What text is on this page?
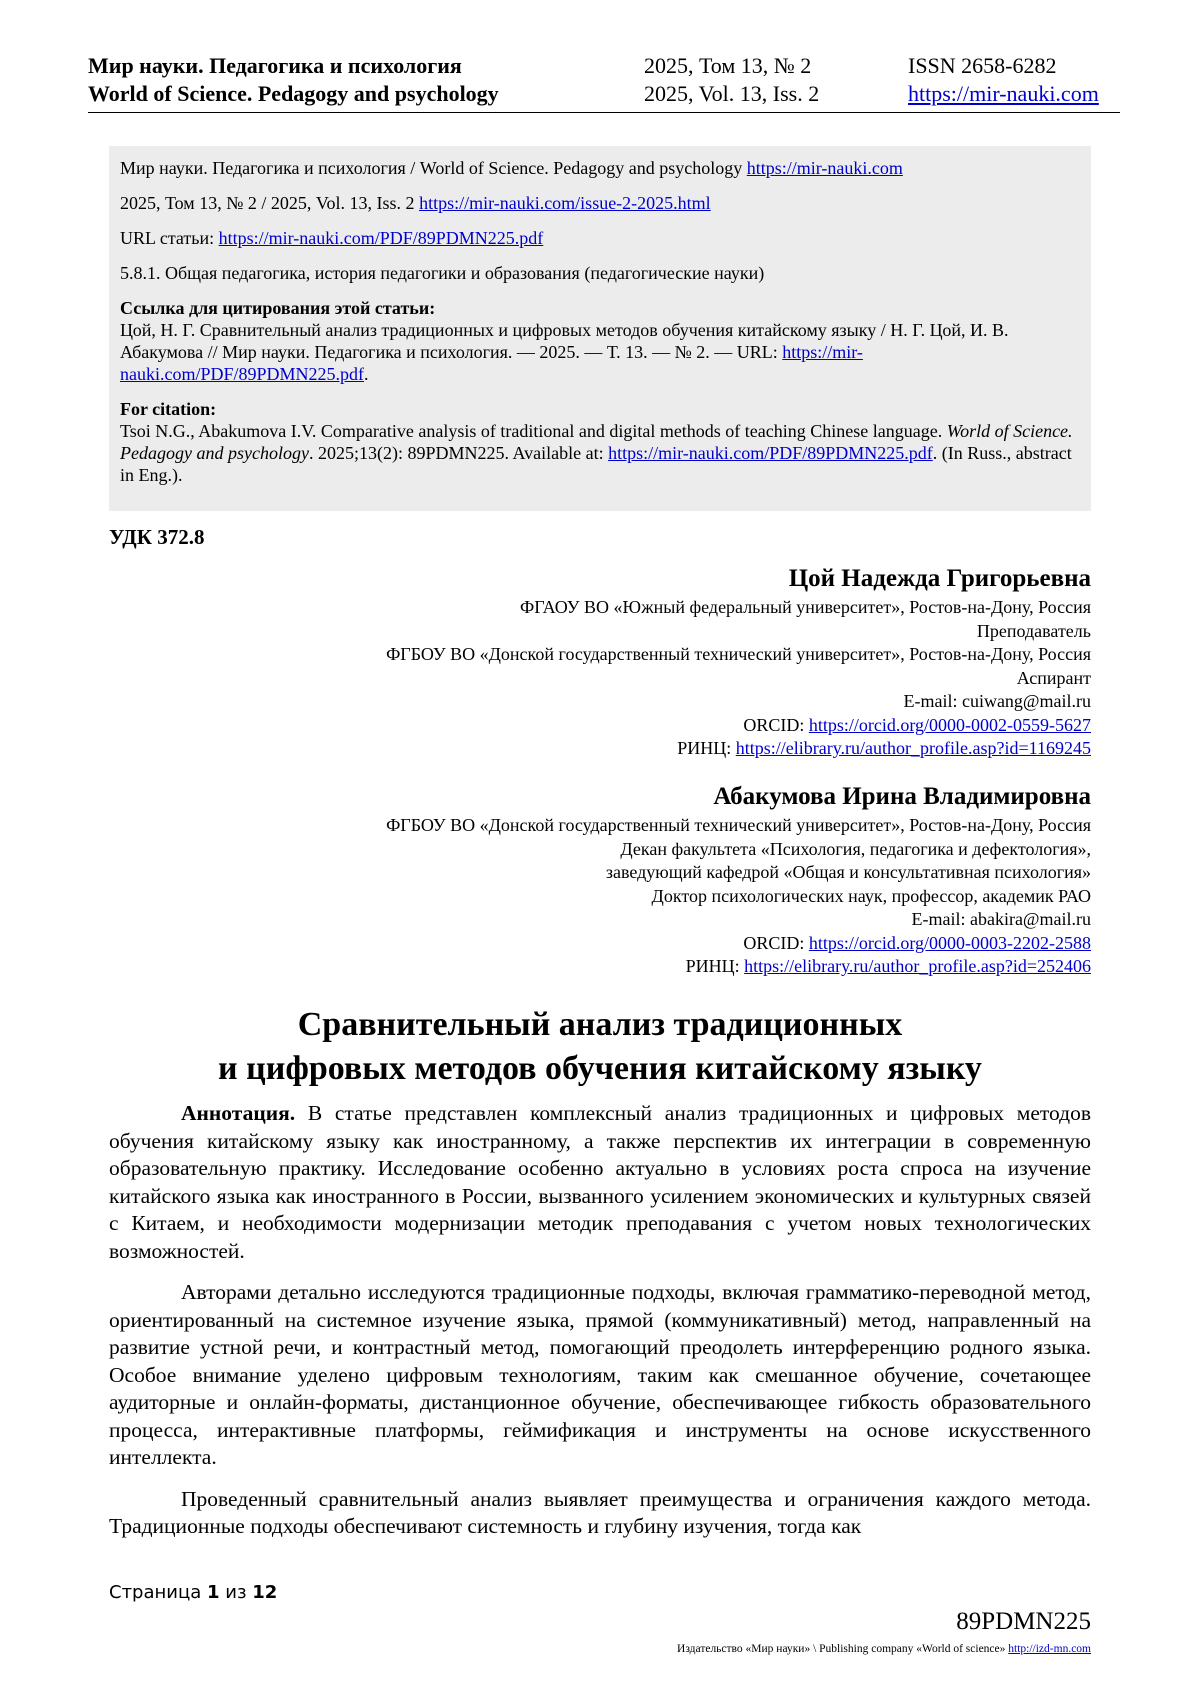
Мир науки. Педагогика и психология
World of Science. Pedagogy and psychology
2025, Том 13, № 2
2025, Vol. 13, Iss. 2
ISSN 2658-6282
https://mir-nauki.com

Мир науки. Педагогика и психология / World of Science. Pedagogy and psychology https://mir-nauki.com

2025, Том 13, № 2 / 2025, Vol. 13, Iss. 2 https://mir-nauki.com/issue-2-2025.html

URL статьи: https://mir-nauki.com/PDF/89PDMN225.pdf

5.8.1. Общая педагогика, история педагогики и образования (педагогические науки)

Ссылка для цитирования этой статьи:

Цой, Н. Г. Сравнительный анализ традиционных и цифровых методов обучения китайскому языку / Н. Г. Цой, И. В. Абакумова // Мир науки. Педагогика и психология. — 2025. — Т. 13. — № 2. — URL: https://mir-nauki.com/PDF/89PDMN225.pdf.

For citation:

Tsoi N.G., Abakumova I.V. Comparative analysis of traditional and digital methods of teaching Chinese language. World of Science. Pedagogy and psychology. 2025;13(2): 89PDMN225. Available at: https://mir-nauki.com/PDF/89PDMN225.pdf. (In Russ., abstract in Eng.).

УДК 372.8
Цой Надежда Григорьевна
ФГАОУ ВО «Южный федеральный университет», Ростов-на-Дону, Россия
Преподаватель
ФГБОУ ВО «Донской государственный технический университет», Ростов-на-Дону, Россия
Аспирант
E-mail: cuiwang@mail.ru
ORCID: https://orcid.org/0000-0002-0559-5627
РИНЦ: https://elibrary.ru/author_profile.asp?id=1169245
Абакумова Ирина Владимировна
ФГБОУ ВО «Донской государственный технический университет», Ростов-на-Дону, Россия
Декан факультета «Психология, педагогика и дефектология»,
заведующий кафедрой «Общая и консультативная психология»
Доктор психологических наук, профессор, академик РАО
E-mail: abakira@mail.ru
ORCID: https://orcid.org/0000-0003-2202-2588
РИНЦ: https://elibrary.ru/author_profile.asp?id=252406
Сравнительный анализ традиционных
и цифровых методов обучения китайскому языку

Аннотация. В статье представлен комплексный анализ традиционных и цифровых методов обучения китайскому языку как иностранному, а также перспектив их интеграции в современную образовательную практику. Исследование особенно актуально в условиях роста спроса на изучение китайского языка как иностранного в России, вызванного усилением экономических и культурных связей с Китаем, и необходимости модернизации методик преподавания с учетом новых технологических возможностей.

Авторами детально исследуются традиционные подходы, включая грамматико-переводной метод, ориентированный на системное изучение языка, прямой (коммуникативный) метод, направленный на развитие устной речи, и контрастный метод, помогающий преодолеть интерференцию родного языка. Особое внимание уделено цифровым технологиям, таким как смешанное обучение, сочетающее аудиторные и онлайн-форматы, дистанционное обучение, обеспечивающее гибкость образовательного процесса, интерактивные платформы, геймификация и инструменты на основе искусственного интеллекта.

Проведенный сравнительный анализ выявляет преимущества и ограничения каждого метода. Традиционные подходы обеспечивают системность и глубину изучения, тогда как

Страница 1 из 12
89PDMN225
Издательство «Мир науки» \ Publishing company «World of science» http://izd-mn.com
